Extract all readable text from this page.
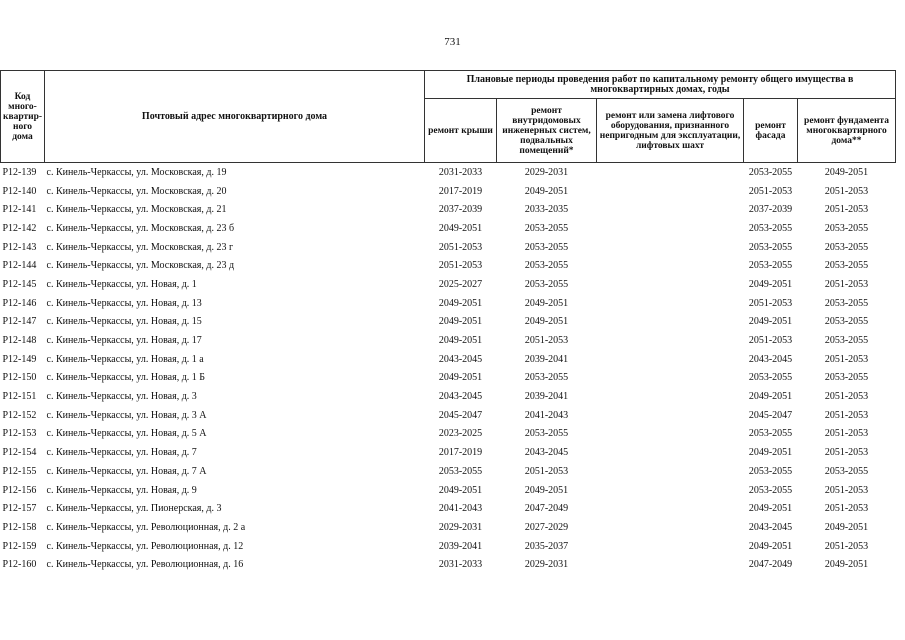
731
Код много-квартир-ного дома	Почтовый адрес многоквартирного дома	Плановые периоды проведения работ по капитальному ремонту общего имущества в многоквартирных домах, годы				
		ремонт крыши	ремонт внутридомовых инженерных систем, подвальных помещений*	ремонт или замена лифтового оборудования, признанного непригодным для эксплуатации, лифтовых шахт	ремонт фасада	ремонт фундамента многоквартирного дома**
Р12-139	с. Кинель-Черкассы, ул. Московская, д. 19	2031-2033	2029-2031		2053-2055	2049-2051
Р12-140	с. Кинель-Черкассы, ул. Московская, д. 20	2017-2019	2049-2051		2051-2053	2051-2053
Р12-141	с. Кинель-Черкассы, ул. Московская, д. 21	2037-2039	2033-2035		2037-2039	2051-2053
Р12-142	с. Кинель-Черкассы, ул. Московская, д. 23 б	2049-2051	2053-2055		2053-2055	2053-2055
Р12-143	с. Кинель-Черкассы, ул. Московская, д. 23 г	2051-2053	2053-2055		2053-2055	2053-2055
Р12-144	с. Кинель-Черкассы, ул. Московская, д. 23 д	2051-2053	2053-2055		2053-2055	2053-2055
Р12-145	с. Кинель-Черкассы, ул. Новая, д. 1	2025-2027	2053-2055		2049-2051	2051-2053
Р12-146	с. Кинель-Черкассы, ул. Новая, д. 13	2049-2051	2049-2051		2051-2053	2053-2055
Р12-147	с. Кинель-Черкассы, ул. Новая, д. 15	2049-2051	2049-2051		2049-2051	2053-2055
Р12-148	с. Кинель-Черкассы, ул. Новая, д. 17	2049-2051	2051-2053		2051-2053	2053-2055
Р12-149	с. Кинель-Черкассы, ул. Новая, д. 1 а	2043-2045	2039-2041		2043-2045	2051-2053
Р12-150	с. Кинель-Черкассы, ул. Новая, д. 1 Б	2049-2051	2053-2055		2053-2055	2053-2055
Р12-151	с. Кинель-Черкассы, ул. Новая, д. 3	2043-2045	2039-2041		2049-2051	2051-2053
Р12-152	с. Кинель-Черкассы, ул. Новая, д. 3 А	2045-2047	2041-2043		2045-2047	2051-2053
Р12-153	с. Кинель-Черкассы, ул. Новая, д. 5 А	2023-2025	2053-2055		2053-2055	2051-2053
Р12-154	с. Кинель-Черкассы, ул. Новая, д. 7	2017-2019	2043-2045		2049-2051	2051-2053
Р12-155	с. Кинель-Черкассы, ул. Новая, д. 7 А	2053-2055	2051-2053		2053-2055	2053-2055
Р12-156	с. Кинель-Черкассы, ул. Новая, д. 9	2049-2051	2049-2051		2053-2055	2051-2053
Р12-157	с. Кинель-Черкассы, ул. Пионерская, д. 3	2041-2043	2047-2049		2049-2051	2051-2053
Р12-158	с. Кинель-Черкассы, ул. Революционная, д. 2 а	2029-2031	2027-2029		2043-2045	2049-2051
Р12-159	с. Кинель-Черкассы, ул. Революционная, д. 12	2039-2041	2035-2037		2049-2051	2051-2053
Р12-160	с. Кинель-Черкассы, ул. Революционная, д. 16	2031-2033	2029-2031		2047-2049	2049-2051
